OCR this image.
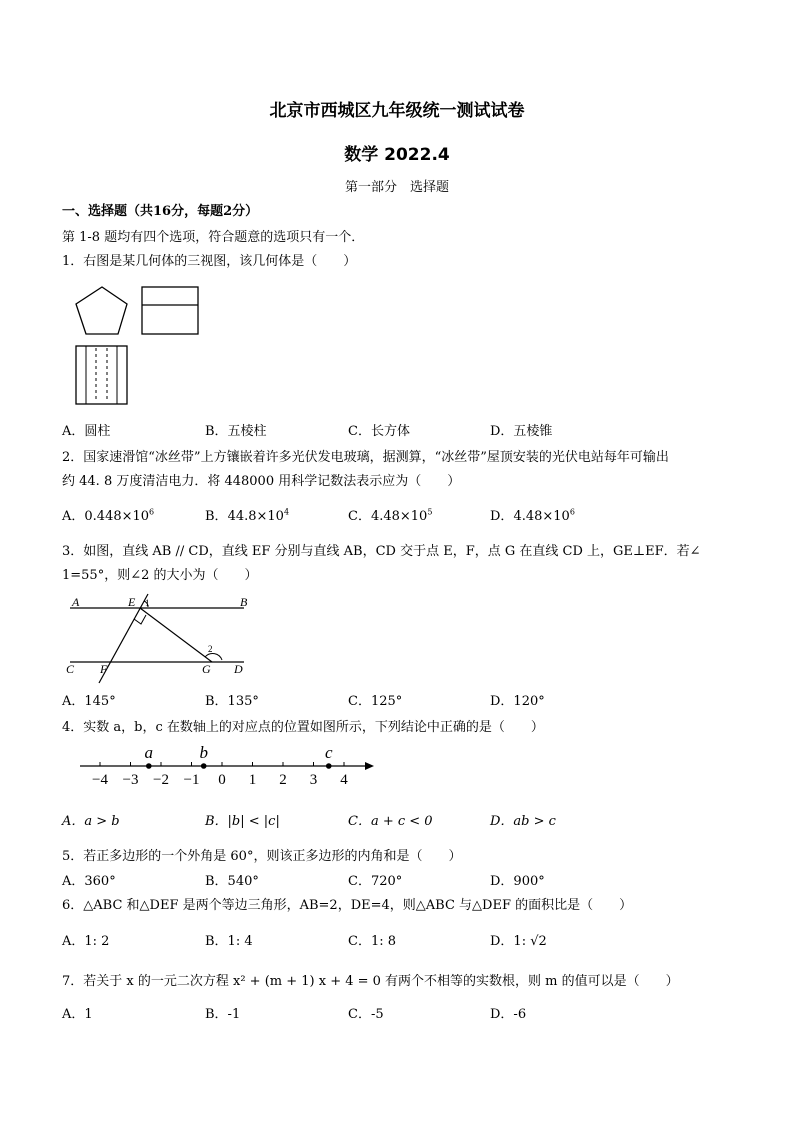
北京市西城区九年级统一测试试卷
数学 2022.4
第一部分　选择题
一、选择题（共16分，每题2分）
第 1-8 题均有四个选项，符合题意的选项只有一个．
1．右图是某几何体的三视图，该几何体是（　　）
A．圆柱	B．五棱柱	C．长方体	D．五棱锥
2．国家速滑馆“冰丝带”上方镶嵌着许多光伏发电玻璃，据测算，“冰丝带”屋顶安装的光伏电站每年可输出
约 44. 8 万度清洁电力．将 448000 用科学记数法表示应为（　　）
A．$0.448\times 10^6$	B．$44.8\times 10^4$	C．$4.48\times 10^5$	D．$4.48\times 10^6$
3．如图，直线 AB // CD，直线 EF 分别与直线 AB，CD 交于点 E，F，点 G 在直线 CD 上，GE⊥EF．若∠
1=55°，则∠2 的大小为（　　）
A	E 1	B
C F
2
G D
A．145°	B．135°	C．125°	D．120°
4．实数 a，b，c 在数轴上的对应点的位置如图所示，下列结论中正确的是（　　）
−4 −3 −2 −1 0 1 2 3 4
a	b	c
A．a > b	B．|b| < |c|	C．a + c < 0	D．ab > c
5．若正多边形的一个外角是 60°，则该正多边形的内角和是（　　）
A．360°	B．540°	C．720°	D．900°
6．△ABC 和△DEF 是两个等边三角形，AB=2，DE=4，则△ABC 与△DEF 的面积比是（　　）
A．1: 2	B．1: 4	C．1: 8	D．1: √2
7．若关于 x 的一元二次方程 x² + (m + 1) x + 4 = 0 有两个不相等的实数根，则 m 的值可以是（　　）
A．1	B．-1	C．-5	D．-6
